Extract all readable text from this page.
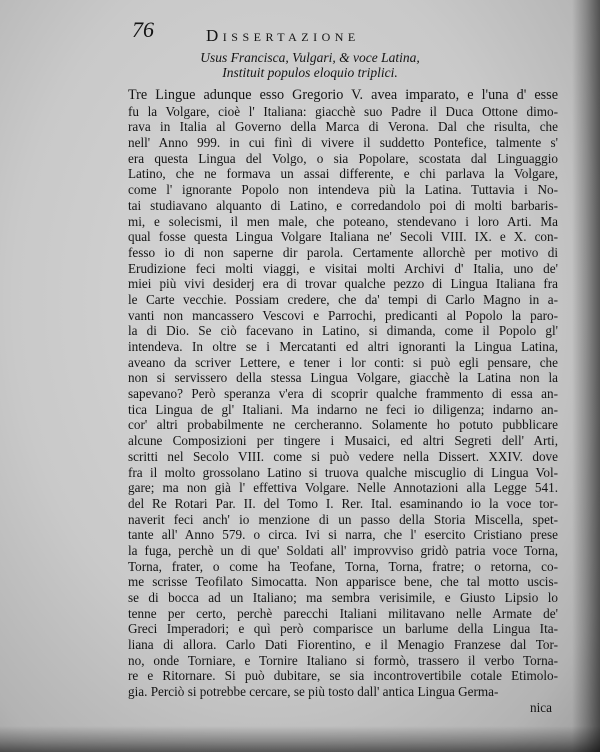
76	Dissertazione
Usus Francisca, Vulgari, & voce Latina,
Instituit populos eloquio triplici.
Tre Lingue adunque esso Gregorio V. avea imparato, e l'una d' esse
fu la Volgare, cioè l' Italiana: giacchè suo Padre il Duca Ottone dimo-
rava in Italia al Governo della Marca di Verona. Dal che risulta, che
nell' Anno 999. in cui finì di vivere il suddetto Pontefice, talmente s'
era questa Lingua del Volgo, o sia Popolare, scostata dal Linguaggio
Latino, che ne formava un assai differente, e chi parlava la Volgare,
come l' ignorante Popolo non intendeva più la Latina. Tuttavia i No-
tai studiavano alquanto di Latino, e corredandolo poi di molti barbaris-
mi, e solecismi, il men male, che poteano, stendevano i loro Arti. Ma
qual fosse questa Lingua Volgare Italiana ne' Secoli VIII. IX. e X. con-
fesso io di non saperne dir parola. Certamente allorchè per motivo di
Erudizione feci molti viaggi, e visitai molti Archivi d' Italia, uno de'
miei più vivi desiderj era di trovar qualche pezzo di Lingua Italiana fra
le Carte vecchie. Possiam credere, che da' tempi di Carlo Magno in a-
vanti non mancassero Vescovi e Parrochi, predicanti al Popolo la paro-
la di Dio. Se ciò facevano in Latino, si dimanda, come il Popolo gl'
intendeva. In oltre se i Mercatanti ed altri ignoranti la Lingua Latina,
aveano da scriver Lettere, e tener i lor conti: si può egli pensare, che
non si servissero della stessa Lingua Volgare, giacchè la Latina non la
sapevano? Però speranza v'era di scoprir qualche frammento di essa an-
tica Lingua de gl' Italiani. Ma indarno ne feci io diligenza; indarno an-
cor' altri probabilmente ne cercheranno. Solamente ho potuto pubblicare
alcune Composizioni per tingere i Musaici, ed altri Segreti dell' Arti,
scritti nel Secolo VIII. come si può vedere nella Dissert. XXIV. dove
fra il molto grossolano Latino si truova qualche miscuglio di Lingua Vol-
gare; ma non già l' effettiva Volgare. Nelle Annotazioni alla Legge 541.
del Re Rotari Par. II. del Tomo I. Rer. Ital. esaminando io la voce tor-
naverit feci anch' io menzione di un passo della Storia Miscella, spet-
tante all' Anno 579. o circa. Ivi si narra, che l' esercito Cristiano prese
la fuga, perchè un di que' Soldati all' improvviso gridò patria voce Torna,
Torna, frater, o come ha Teofane, Torna, Torna, fratre; o retorna, co-
me scrisse Teofilato Simocatta. Non apparisce bene, che tal motto uscis-
se di bocca ad un Italiano; ma sembra verisimile, e Giusto Lipsio lo
tenne per certo, perchè parecchi Italiani militavano nelle Armate de'
Greci Imperadori; e quì però comparisce un barlume della Lingua Ita-
liana di allora. Carlo Dati Fiorentino, e il Menagio Franzese dal Tor-
no, onde Torniare, e Tornire Italiano si formò, trassero il verbo Torna-
re e Ritornare. Si può dubitare, se sia incontrovertibile cotale Etimolo-
gia. Perciò si potrebbe cercare, se più tosto dall' antica Lingua Germa-
nica
